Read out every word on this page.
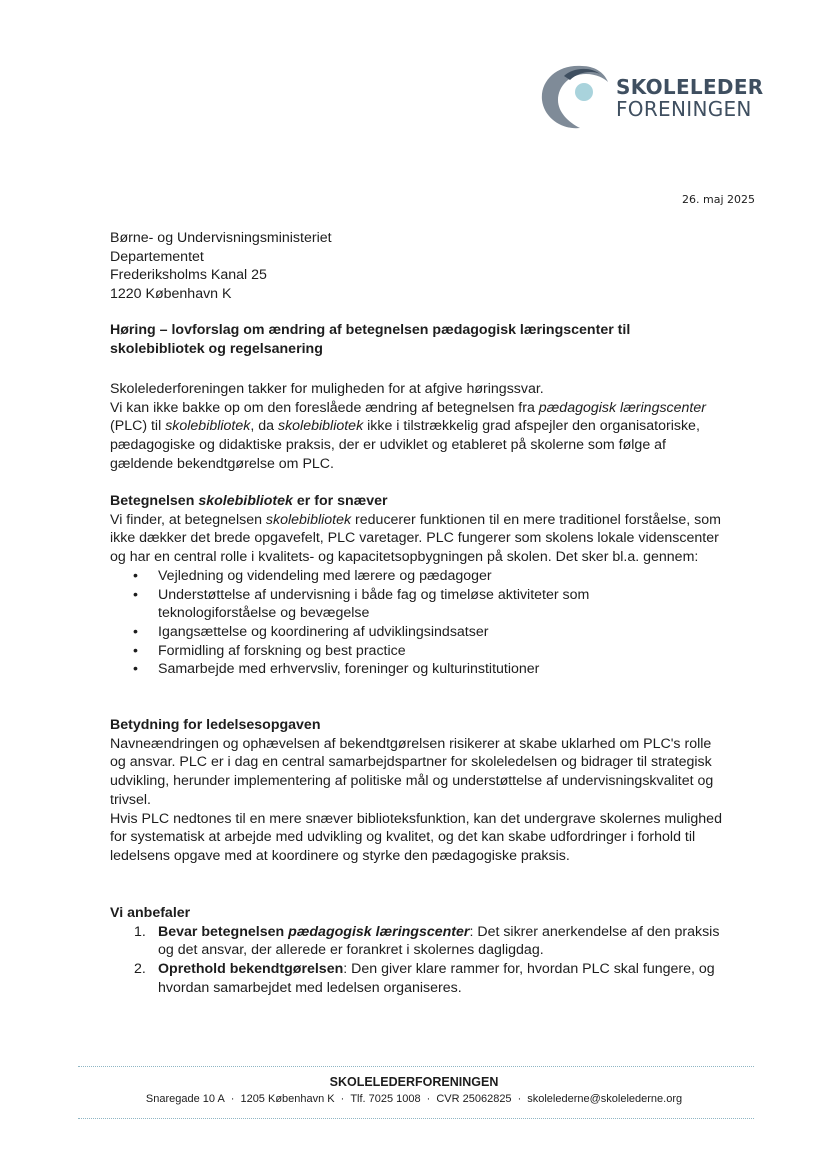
SKOLELEDER
FORENINGEN
26. maj 2025
Børne- og Undervisningsministeriet
Departementet
Frederiksholms Kanal 25
1220 København K
Høring – lovforslag om ændring af betegnelsen pædagogisk læringscenter til skolebibliotek og regelsanering

Skolelederforeningen takker for muligheden for at afgive høringssvar.

Vi kan ikke bakke op om den foreslåede ændring af betegnelsen fra pædagogisk læringscenter (PLC) til skolebibliotek, da skolebibliotek ikke i tilstrækkelig grad afspejler den organisatoriske, pædagogiske og didaktiske praksis, der er udviklet og etableret på skolerne som følge af gældende bekendtgørelse om PLC.

Betegnelsen skolebibliotek er for snæver

Vi finder, at betegnelsen skolebibliotek reducerer funktionen til en mere traditionel forståelse, som ikke dækker det brede opgavefelt, PLC varetager. PLC fungerer som skolens lokale videnscenter og har en central rolle i kvalitets- og kapacitetsopbygningen på skolen. Det sker bl.a. gennem:

• Vejledning og videndeling med lærere og pædagoger
• Understøttelse af undervisning i både fag og timeløse aktiviteter som teknologiforståelse og bevægelse
• Igangsættelse og koordinering af udviklingsindsatser
• Formidling af forskning og best practice
• Samarbejde med erhvervsliv, foreninger og kulturinstitutioner

Betydning for ledelsesopgaven

Navneændringen og ophævelsen af bekendtgørelsen risikerer at skabe uklarhed om PLC's rolle og ansvar. PLC er i dag en central samarbejdspartner for skoleledelsen og bidrager til strategisk udvikling, herunder implementering af politiske mål og understøttelse af undervisningskvalitet og trivsel.

Hvis PLC nedtones til en mere snæver biblioteksfunktion, kan det undergrave skolernes mulighed for systematisk at arbejde med udvikling og kvalitet, og det kan skabe udfordringer i forhold til ledelsens opgave med at koordinere og styrke den pædagogiske praksis.

Vi anbefaler

1. Bevar betegnelsen pædagogisk læringscenter: Det sikrer anerkendelse af den praksis og det ansvar, der allerede er forankret i skolernes dagligdag.
2. Oprethold bekendtgørelsen: Den giver klare rammer for, hvordan PLC skal fungere, og hvordan samarbejdet med ledelsen organiseres.
SKOLELEDERFORENINGEN
Snaregade 10 A · 1205 København K · Tlf. 7025 1008 · CVR 25062825 · skolelederne@skolelederne.org
